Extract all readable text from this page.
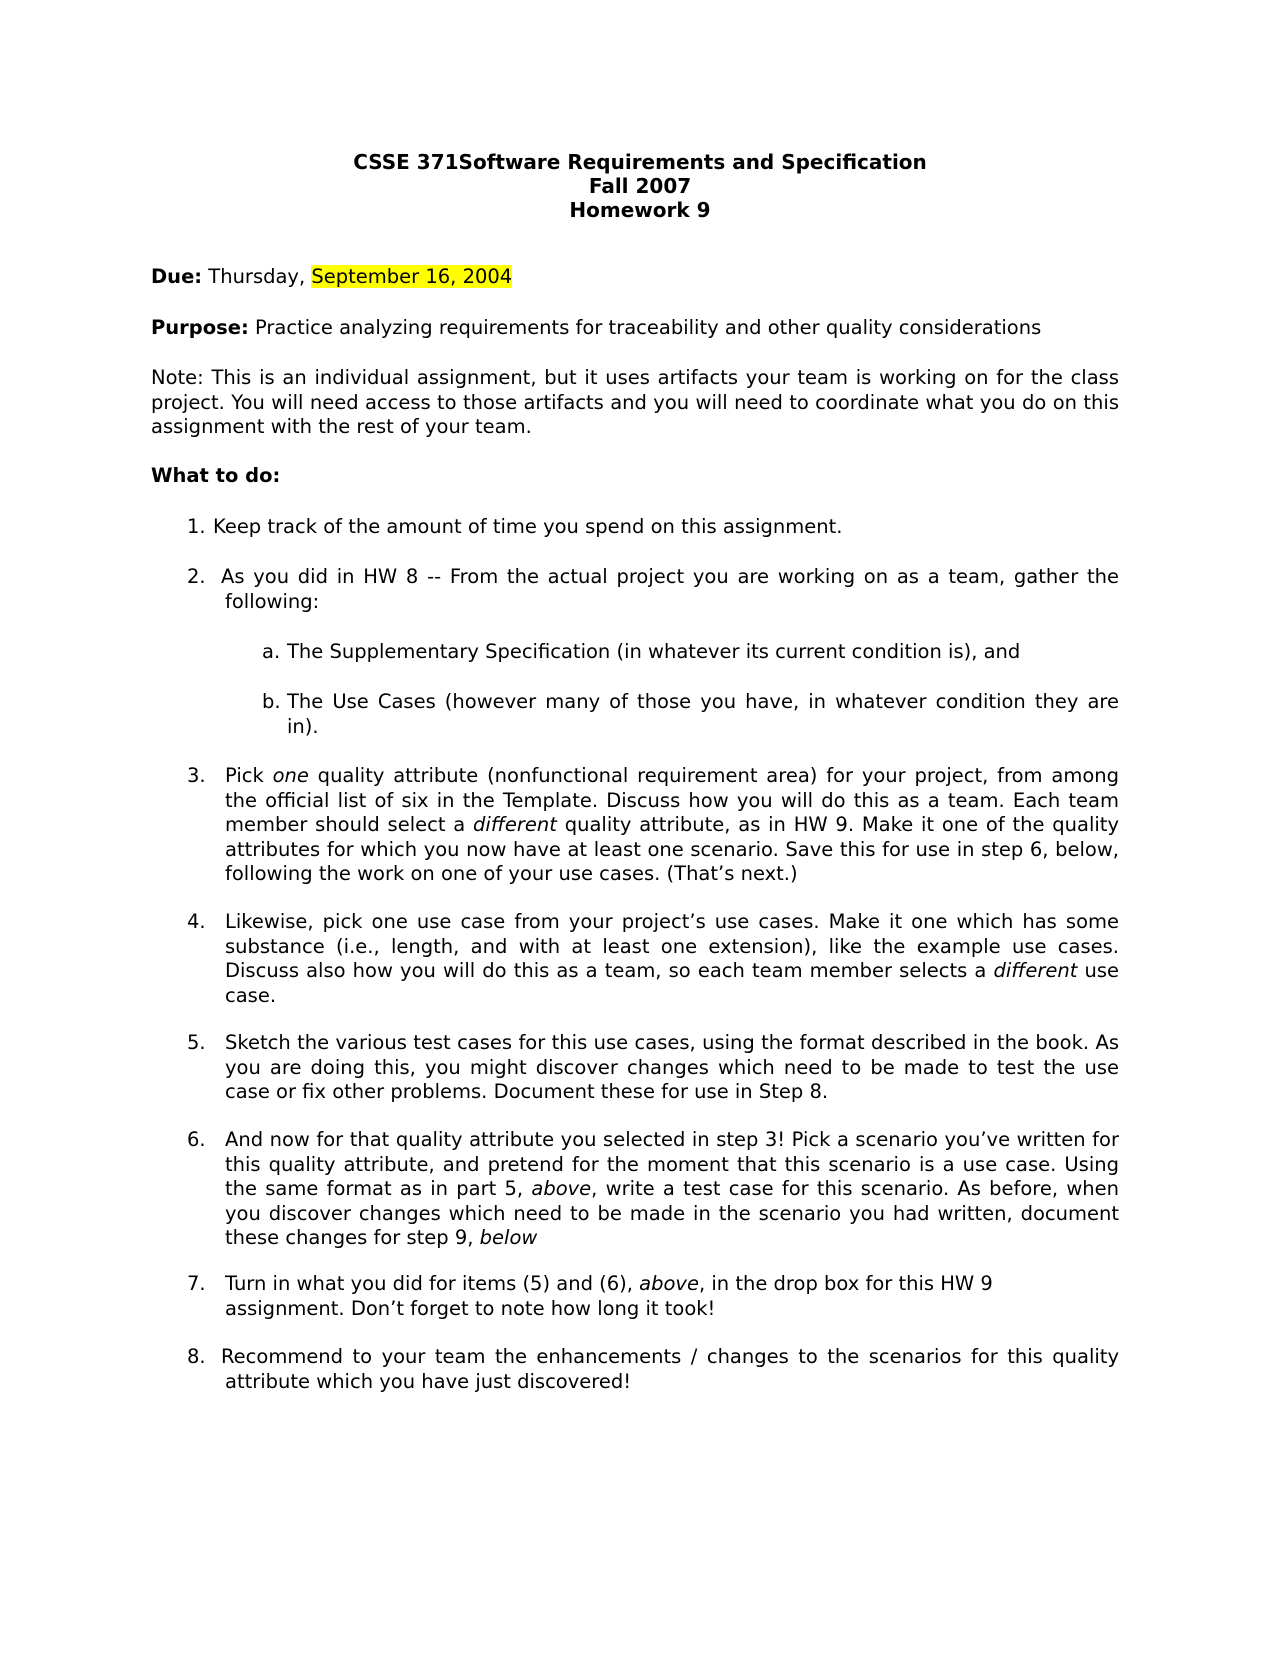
CSSE 371Software Requirements and Specification
Fall 2007
Homework 9
Due: Thursday, September 16, 2004
Purpose: Practice analyzing requirements for traceability and other quality considerations
Note: This is an individual assignment, but it uses artifacts your team is working on for the class project. You will need access to those artifacts and you will need to coordinate what you do on this assignment with the rest of your team.
What to do:
1. Keep track of the amount of time you spend on this assignment.
2. As you did in HW 8 -- From the actual project you are working on as a team, gather the following:
a. The Supplementary Specification (in whatever its current condition is), and
b. The Use Cases (however many of those you have, in whatever condition they are in).
3. Pick one quality attribute (nonfunctional requirement area) for your project, from among the official list of six in the Template. Discuss how you will do this as a team. Each team member should select a different quality attribute, as in HW 9. Make it one of the quality attributes for which you now have at least one scenario. Save this for use in step 6, below, following the work on one of your use cases. (That’s next.)
4. Likewise, pick one use case from your project’s use cases. Make it one which has some substance (i.e., length, and with at least one extension), like the example use cases. Discuss also how you will do this as a team, so each team member selects a different use case.
5. Sketch the various test cases for this use cases, using the format described in the book. As you are doing this, you might discover changes which need to be made to test the use case or fix other problems. Document these for use in Step 8.
6. And now for that quality attribute you selected in step 3! Pick a scenario you’ve written for this quality attribute, and pretend for the moment that this scenario is a use case. Using the same format as in part 5, above, write a test case for this scenario. As before, when you discover changes which need to be made in the scenario you had written, document these changes for step 9, below
7. Turn in what you did for items (5) and (6), above, in the drop box for this HW 9 assignment. Don’t forget to note how long it took!
8. Recommend to your team the enhancements / changes to the scenarios for this quality attribute which you have just discovered!
